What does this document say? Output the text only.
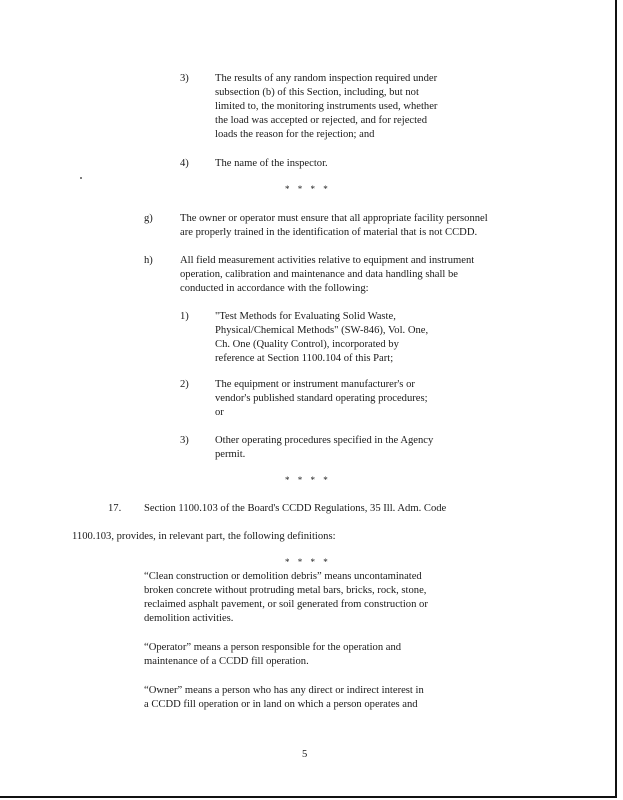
3) The results of any random inspection required under
subsection (b) of this Section, including, but not
limited to, the monitoring instruments used, whether
the load was accepted or rejected, and for rejected
loads the reason for the rejection; and
4) The name of the inspector.
* * * *
g)	The owner or operator must ensure that all appropriate facility personnel
are properly trained in the identification of material that is not CCDD.
h)	All field measurement activities relative to equipment and instrument
operation, calibration and maintenance and data handling shall be
conducted in accordance with the following:
1) "Test Methods for Evaluating Solid Waste,
Physical/Chemical Methods" (SW-846), Vol. One,
Ch. One (Quality Control), incorporated by
reference at Section 1100.104 of this Part;
2) The equipment or instrument manufacturer's or
vendor's published standard operating procedures;
or
3) Other operating procedures specified in the Agency
permit.
* * * *
17. Section 1100.103 of the Board's CCDD Regulations, 35 Ill. Adm. Code
1100.103, provides, in relevant part, the following definitions:
* * * *
“Clean construction or demolition debris” means uncontaminated
broken concrete without protruding metal bars, bricks, rock, stone,
reclaimed asphalt pavement, or soil generated from construction or
demolition activities.
“Operator” means a person responsible for the operation and
maintenance of a CCDD fill operation.
“Owner” means a person who has any direct or indirect interest in
a CCDD fill operation or in land on which a person operates and
5
